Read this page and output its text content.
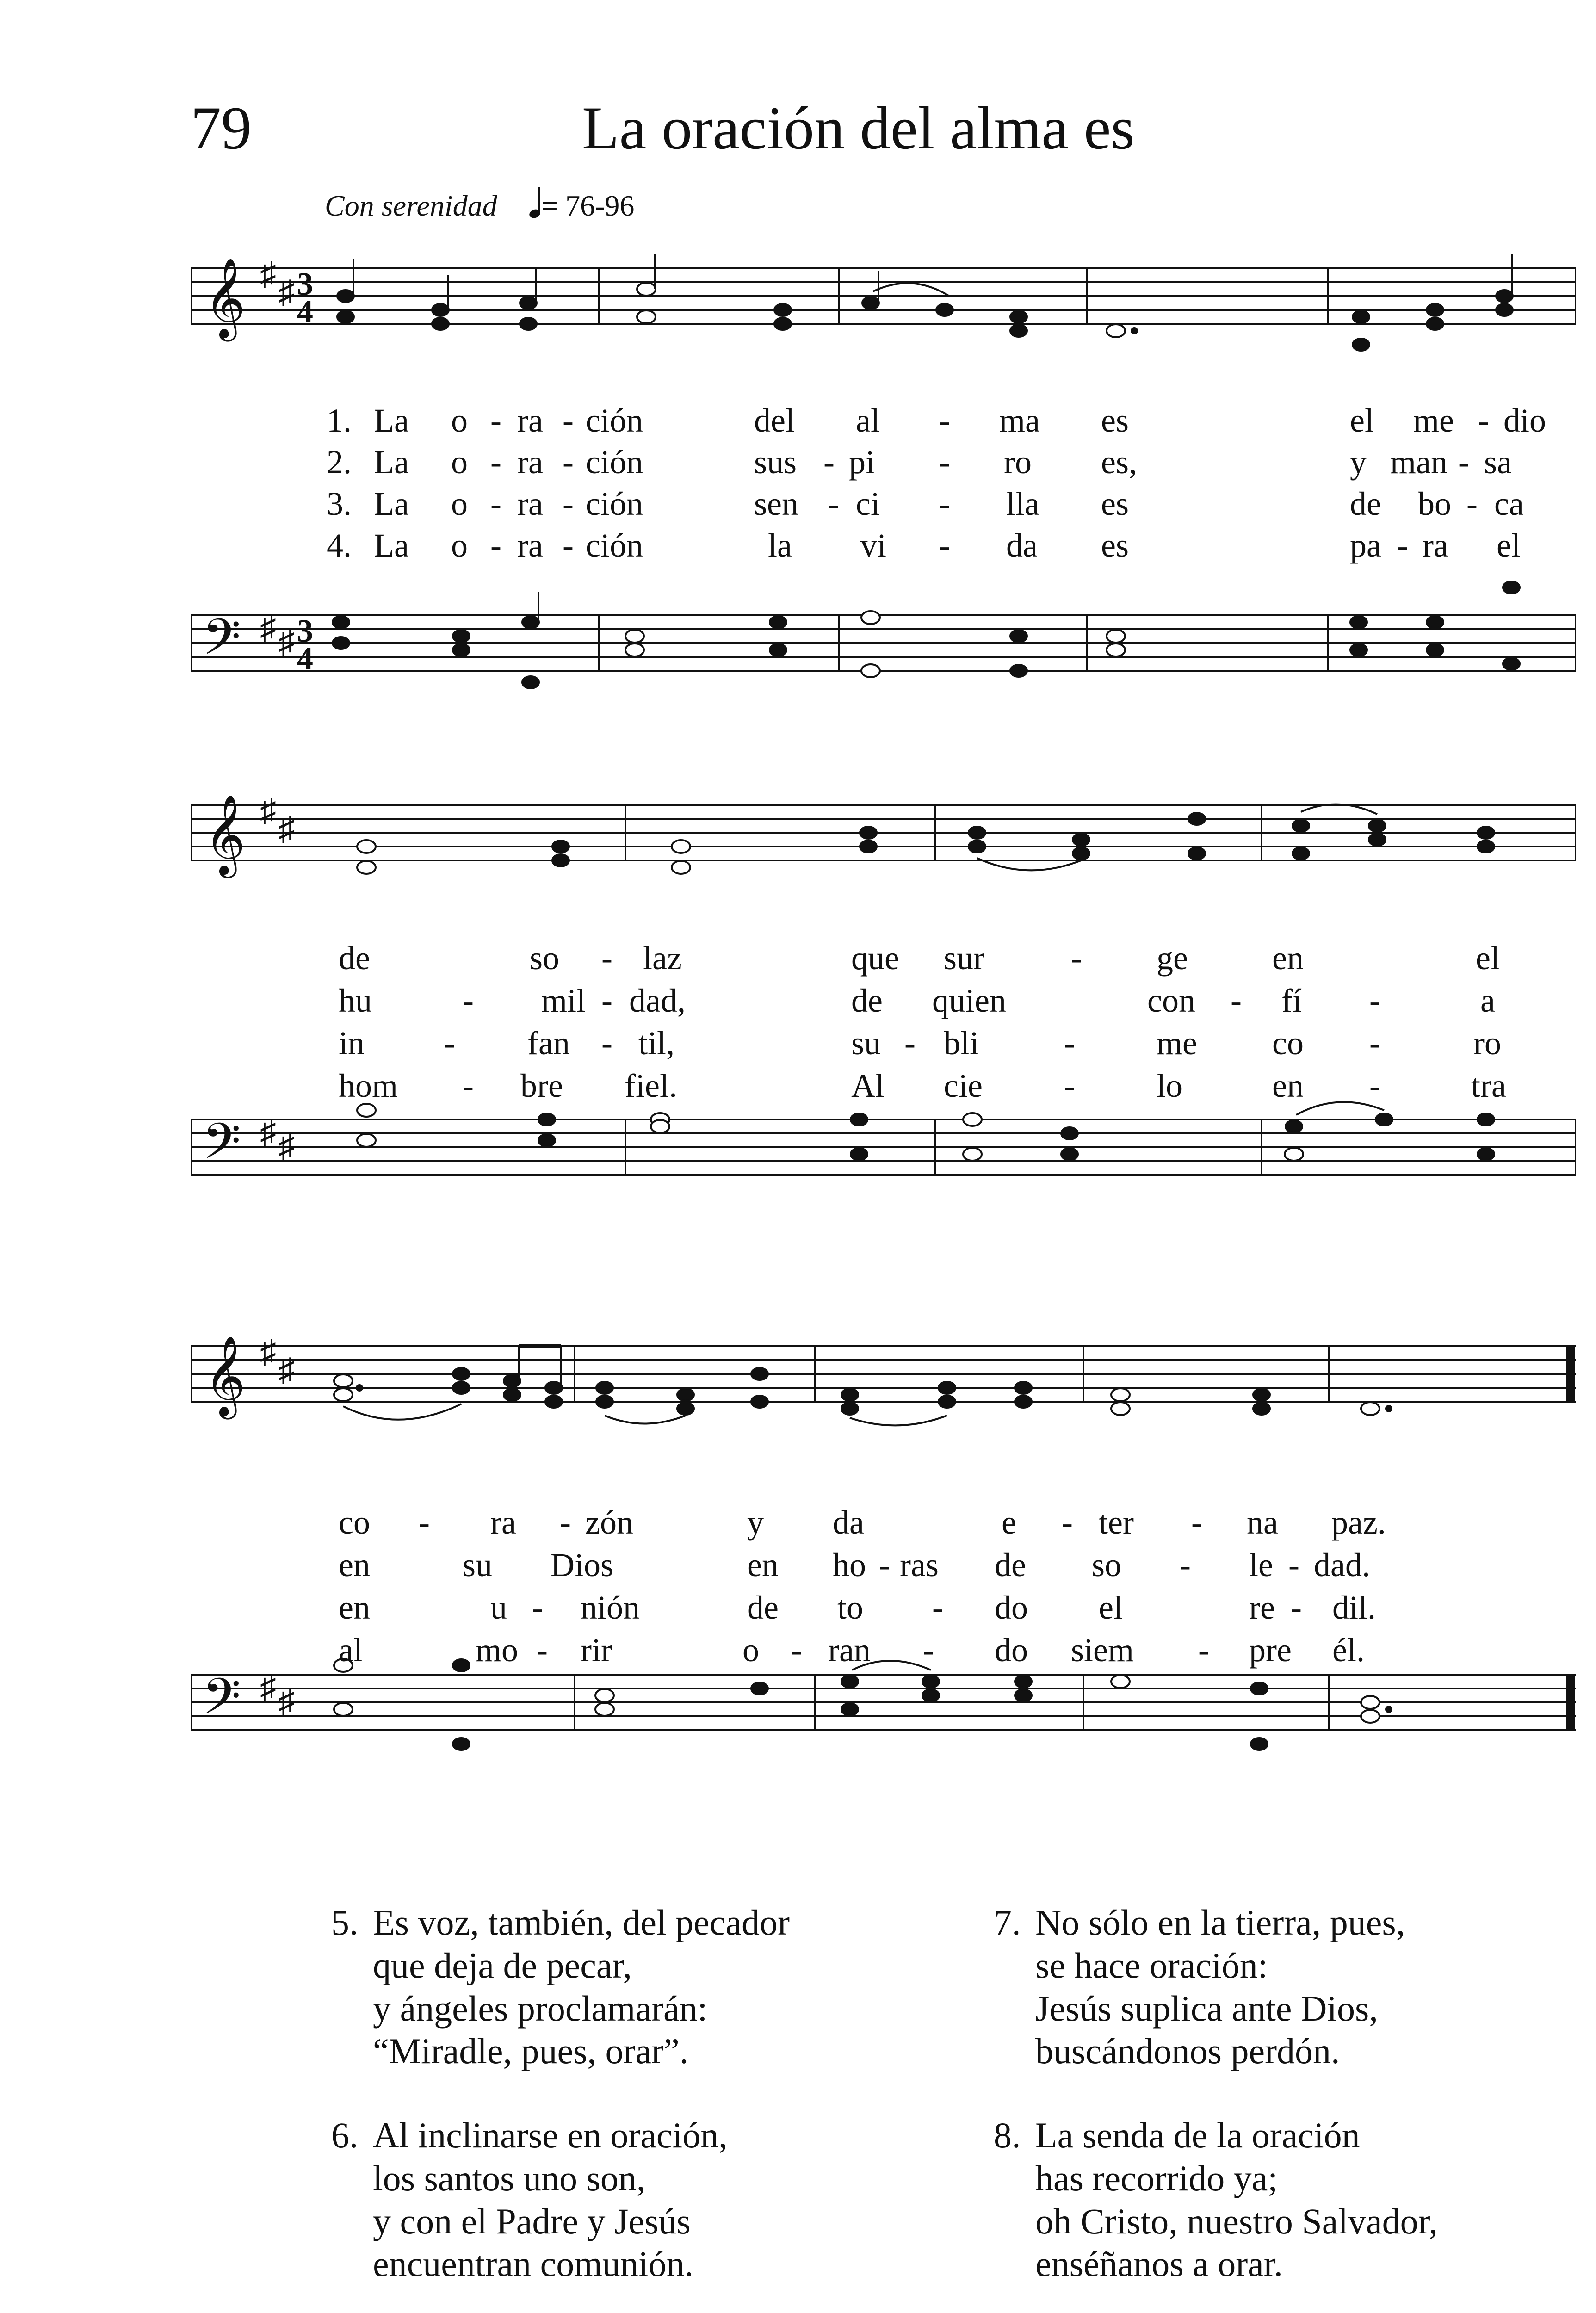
79	La oración del alma es
Con serenidad = 76-96
𝄞 ♯
♯ 3
4
𝄢 ♯ ♯ 3
4
1.
2.
3.
4.
La o - ra - ción	del al - ma es	el me - dio
La o - ra - ción	sus - pi - ro es,	y man - sa
La o - ra - ción	sen - ci - lla es	de bo - ca
La o - ra - ción	la vi - da es	pa - ra el
𝄞 ♯
♯
𝄢 ♯ ♯
de	so - laz	que sur	- ge	en	el
hu	- mil - dad,	de quien	con - fí -	a
in - fan - til,	su - bli	- me co -	ro
hom - bre fiel.	Al cie - lo	en -	tra
𝄞 ♯
♯
𝄢 ♯ ♯
co - ra - zón	y da	e - ter - na paz.
en	su Dios	en ho - ras de so - le - dad.
en	u - nión	de to - do el	re - dil.
al	mo - rir	o - ran - do siem - pre él.
5. Es voz, también, del pecador
que deja de pecar,
y ángeles proclamarán:
“Miradle, pues, orar”.
6. Al inclinarse en oración,
los santos uno son,
y con el Padre y Jesús
encuentran comunión.
7. No sólo en la tierra, pues,
se hace oración:
Jesús suplica ante Dios,
buscándonos perdón.
8. La senda de la oración
has recorrido ya;
oh Cristo, nuestro Salvador,
enséñanos a orar.
